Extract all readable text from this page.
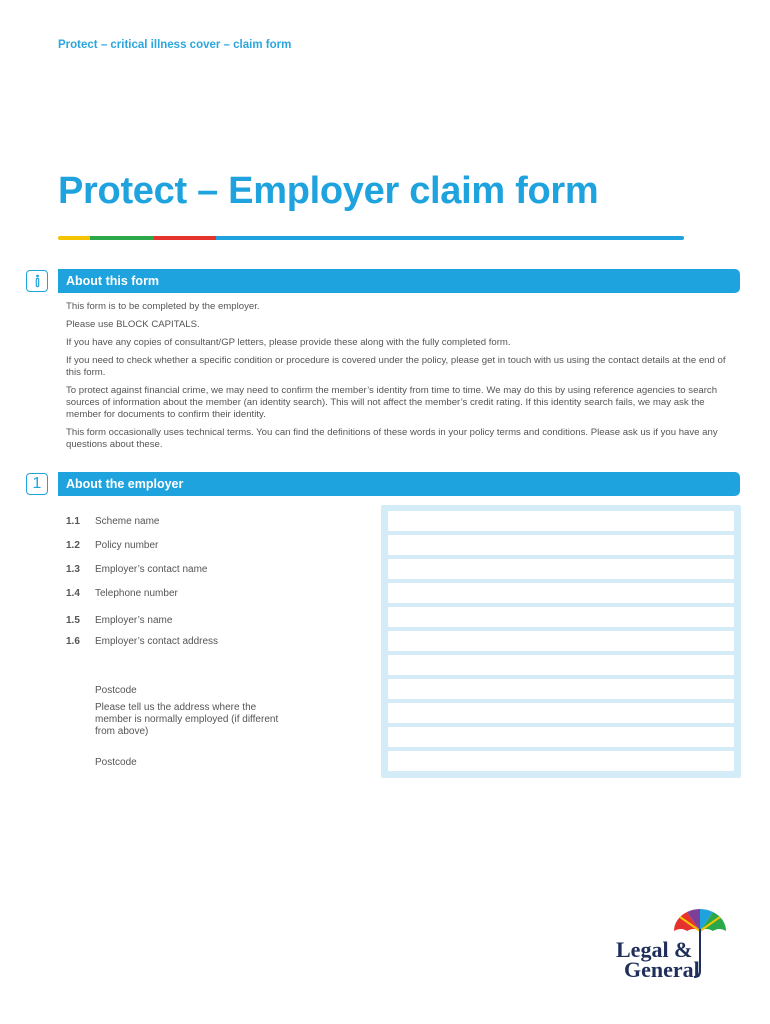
Protect – critical illness cover – claim form
Protect – Employer claim form
About this form

This form is to be completed by the employer.

Please use BLOCK CAPITALS.

If you have any copies of consultant/GP letters, please provide these along with the fully completed form.

If you need to check whether a specific condition or procedure is covered under the policy, please get in touch with us using the contact details at the end of this form.

To protect against financial crime, we may need to confirm the member’s identity from time to time. We may do this by using reference agencies to search sources of information about the member (an identity search). This will not affect the member’s credit rating. If this identity search fails, we may ask the member for documents to confirm their identity.

This form occasionally uses technical terms. You can find the definitions of these words in your policy terms and conditions. Please ask us if you have any questions about these.

1	About the employer
1.1 Scheme name
1.2 Policy number
1.3 Employer’s contact name
1.4 Telephone number
1.5 Employer’s name
1.6 Employer’s contact address
Postcode
Please tell us the address where the member is normally employed (if different from above)
Postcode
Legal &
General
